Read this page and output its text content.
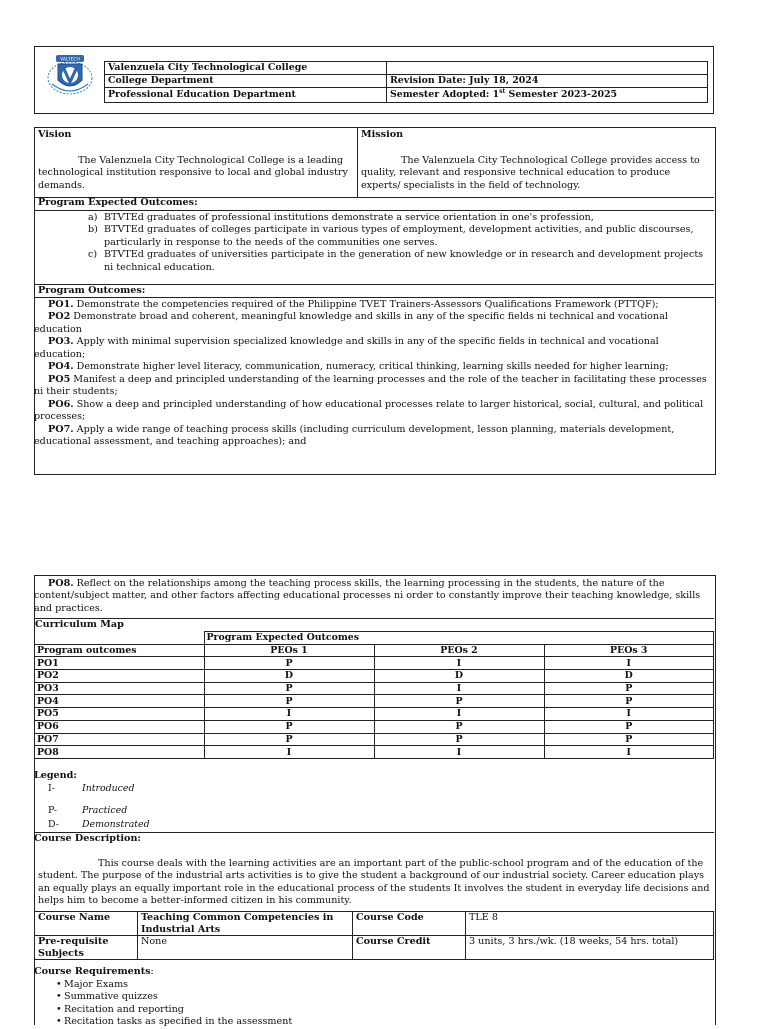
VALTECH
Valenzuela City Technological College	
College Department	Revision Date: July 18, 2024
Professional Education Department	Semester Adopted: 1st Semester 2023-2025
Vision
The Valenzuela City Technological College is a leading technological institution responsive to local and global industry demands.
Mission
The Valenzuela City Technological College provides access to quality, relevant and responsive technical education to produce experts/ specialists in the field of technology.
Program Expected Outcomes:
a) BTVTEd graduates of professional institutions demonstrate a service orientation in one's profession,
b) BTVTEd graduates of colleges participate in various types of employment, development activities, and public discourses, particularly in response to the needs of the communities one serves.
c) BTVTEd graduates of universities participate in the generation of new knowledge or in research and development projects ni technical education.
Program Outcomes:
PO1. Demonstrate the competencies required of the Philippine TVET Trainers-Assessors Qualifications Framework (PTTQF);
PO2 Demonstrate broad and coherent, meaningful knowledge and skills in any of the specific fields ni technical and vocational education
PO3. Apply with minimal supervision specialized knowledge and skills in any of the specific fields in technical and vocational education;
PO4. Demonstrate higher level literacy, communication, numeracy, critical thinking, learning skills needed for higher learning;
PO5 Manifest a deep and principled understanding of the learning processes and the role of the teacher in facilitating these processes ni their students;
PO6. Show a deep and principled understanding of how educational processes relate to larger historical, social, cultural, and political processes;
PO7. Apply a wide range of teaching process skills (including curriculum development, lesson planning, materials development, educational assessment, and teaching approaches); and
PO8. Reflect on the relationships among the teaching process skills, the learning processing in the students, the nature of the content/subject matter, and other factors affecting educational processes ni order to constantly improve their teaching knowledge, skills and practices.
Curriculum Map
	Program Expected Outcomes		
Program outcomes	PEOs 1	PEOs 2	PEOs 3
PO1	P	I	I
PO2	D	D	D
PO3	P	I	P
PO4	P	P	P
PO5	I	I	I
PO6	P	P	P
PO7	P	P	P
PO8	I	I	I
Legend:
I-	Introduced
P-	Practiced
D- Demonstrated
Course Description:
This course deals with the learning activities are an important part of the public-school program and of the education of the student. The purpose of the industrial arts activities is to give the student a background of our industrial society. Career education plays an equally plays an equally important role in the educational process of the students It involves the student in everyday life decisions and helps him to become a better-informed citizen in his community.
Course Name	Teaching Common Competencies in Industrial Arts	Course Code	TLE 8
Pre-requisite Subjects	None	Course Credit	3 units, 3 hrs./wk. (18 weeks, 54 hrs. total)
Course Requirements:
• Major Exams
• Summative quizzes
• Recitation and reporting
• Recitation tasks as specified in the assessment
